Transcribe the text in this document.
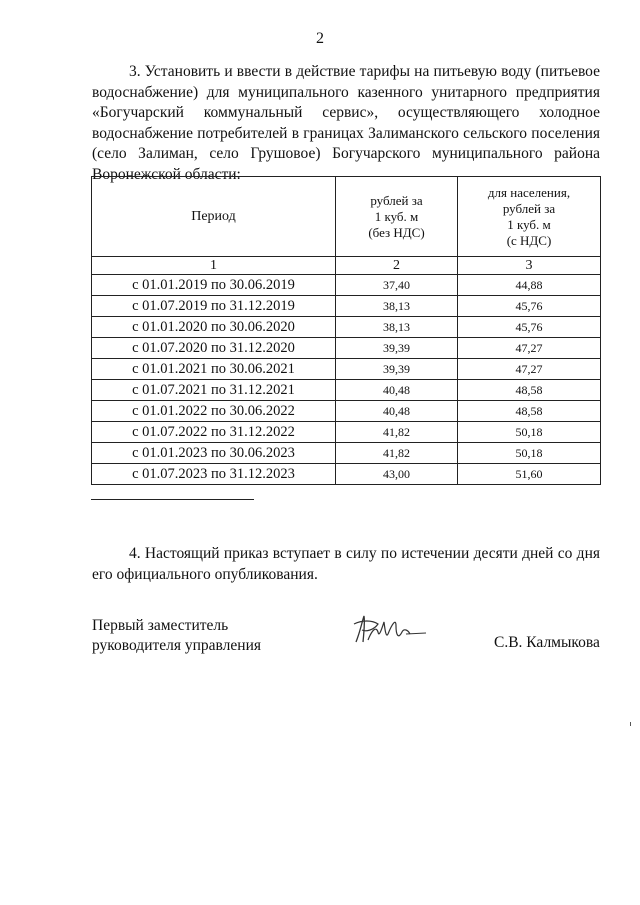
2

3. Установить и ввести в действие тарифы на питьевую воду (питьевое водоснабжение) для муниципального казенного унитарного предприятия «Богучарский коммунальный сервис», осуществляющего холодное водоснабжение потребителей в границах Залиманского сельского поселения (село Залиман, село Грушовое) Богучарского муниципального района Воронежской области:

Период	рублей за
1 куб. м
(без НДС)	для населения,
рублей за
1 куб. м
(с НДС)
1	2	3
с 01.01.2019 по 30.06.2019	37,40	44,88
с 01.07.2019 по 31.12.2019	38,13	45,76
с 01.01.2020 по 30.06.2020	38,13	45,76
с 01.07.2020 по 31.12.2020	39,39	47,27
с 01.01.2021 по 30.06.2021	39,39	47,27
с 01.07.2021 по 31.12.2021	40,48	48,58
с 01.01.2022 по 30.06.2022	40,48	48,58
с 01.07.2022 по 31.12.2022	41,82	50,18
с 01.01.2023 по 30.06.2023	41,82	50,18
с 01.07.2023 по 31.12.2023	43,00	51,60

4. Настоящий приказ вступает в силу по истечении десяти дней со дня его официального опубликования.

Первый заместитель
руководителя управления	С.В. Калмыкова
